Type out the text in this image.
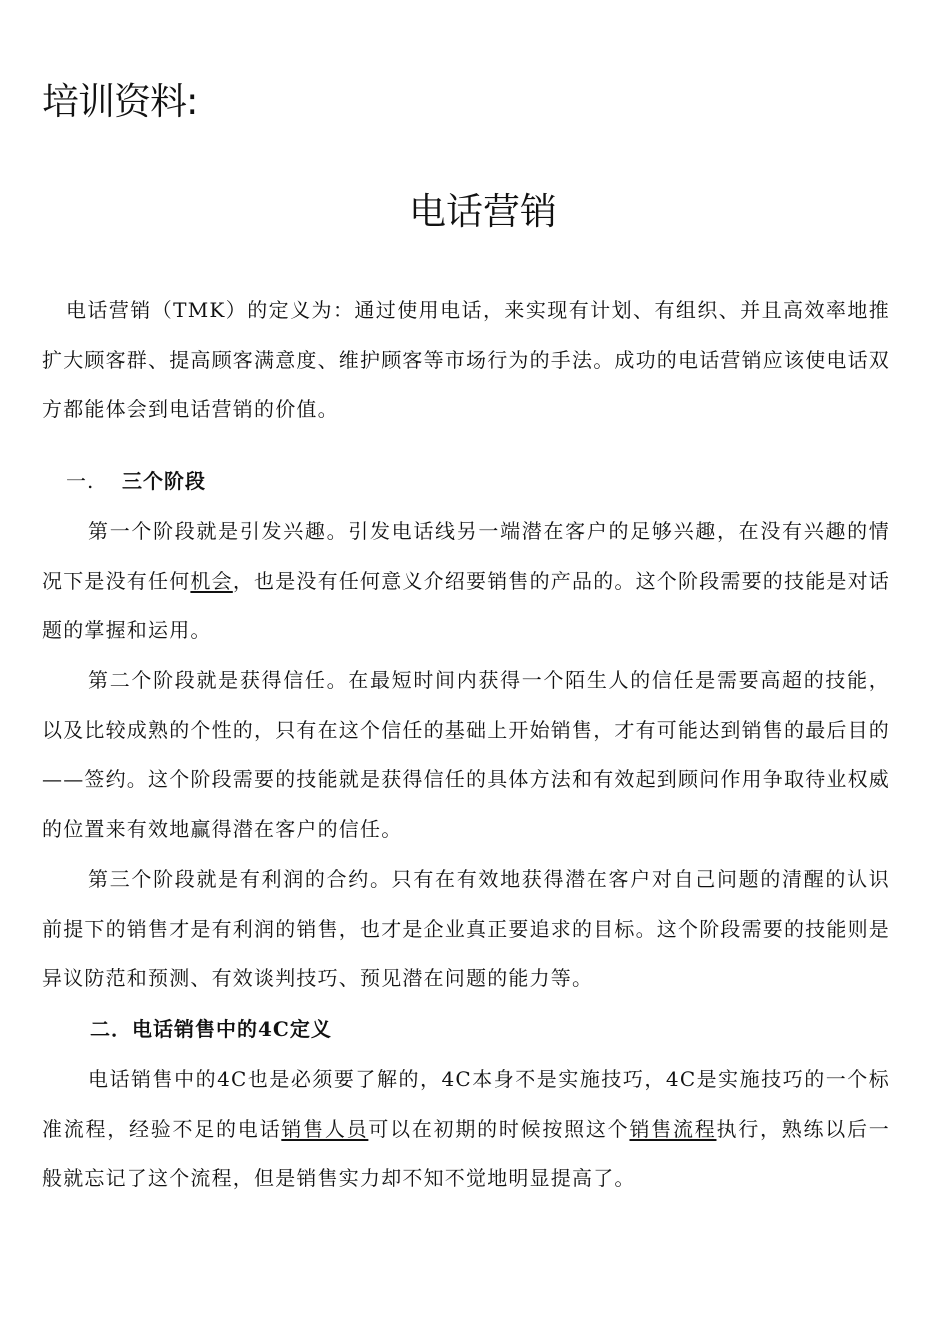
培训资料:
电话营销

电话营销（TMK）的定义为：通过使用电话，来实现有计划、有组织、并且高效率地推扩大顾客群、提高顾客满意度、维护顾客等市场行为的手法。成功的电话营销应该使电话双方都能体会到电话营销的价值。

一. 三个阶段

第一个阶段就是引发兴趣。引发电话线另一端潜在客户的足够兴趣，在没有兴趣的情况下是没有任何机会，也是没有任何意义介绍要销售的产品的。这个阶段需要的技能是对话题的掌握和运用。

第二个阶段就是获得信任。在最短时间内获得一个陌生人的信任是需要高超的技能，以及比较成熟的个性的，只有在这个信任的基础上开始销售，才有可能达到销售的最后目的——签约。这个阶段需要的技能就是获得信任的具体方法和有效起到顾问作用争取待业权威的位置来有效地赢得潜在客户的信任。

第三个阶段就是有利润的合约。只有在有效地获得潜在客户对自己问题的清醒的认识前提下的销售才是有利润的销售，也才是企业真正要追求的目标。这个阶段需要的技能则是异议防范和预测、有效谈判技巧、预见潜在问题的能力等。

二．电话销售中的4C定义

电话销售中的4C也是必须要了解的，4C本身不是实施技巧，4C是实施技巧的一个标准流程，经验不足的电话销售人员可以在初期的时候按照这个销售流程执行，熟练以后一般就忘记了这个流程，但是销售实力却不知不觉地明显提高了。
